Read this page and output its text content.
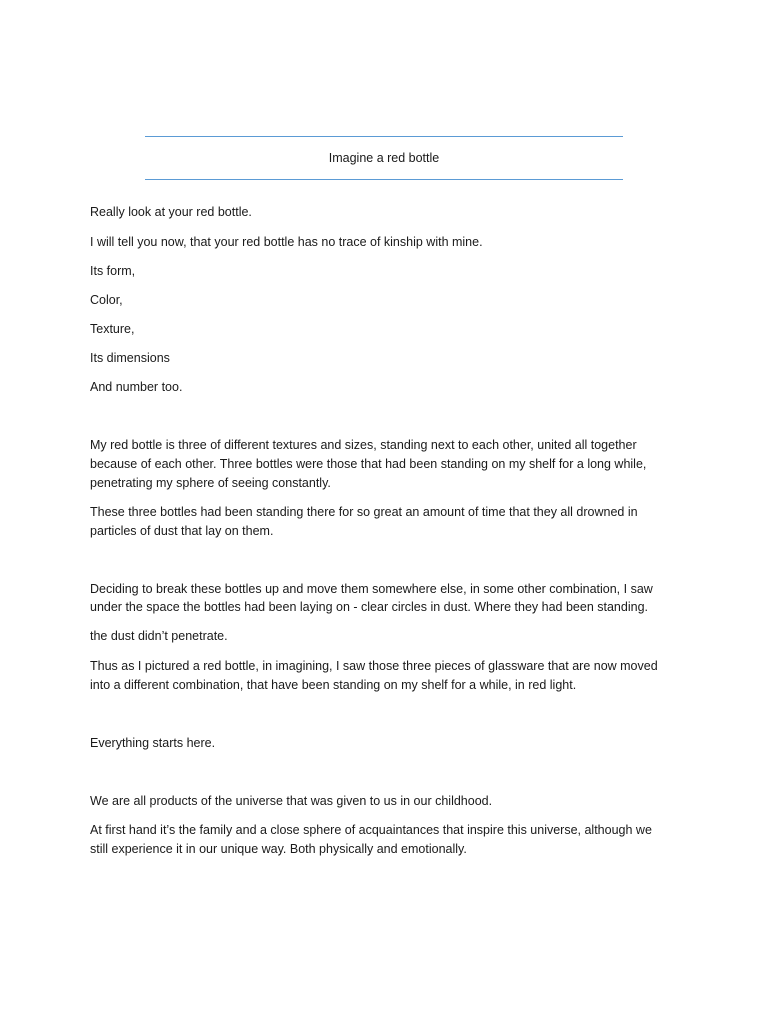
Imagine a red bottle

Really look at your red bottle.

I will tell you now, that your red bottle has no trace of kinship with mine.

Its form,

Color,

Texture,

Its dimensions

And number too.

My red bottle is three of different textures and sizes, standing next to each other, united all together

because of each other. Three bottles were those that had been standing on my shelf for a long while,

penetrating my sphere of seeing constantly.

These three bottles had been standing there for so great an amount of time that they all drowned in

particles of dust that lay on them.

Deciding to break these bottles up and move them somewhere else, in some other combination, I saw

under the space the bottles had been laying on - clear circles in dust. Where they had been standing.

the dust didn’t penetrate.

Thus as I pictured a red bottle, in imagining, I saw those three pieces of glassware that are now moved

into a different combination, that have been standing on my shelf for a while, in red light.

Everything starts here.

We are all products of the universe that was given to us in our childhood.

At first hand it’s the family and a close sphere of acquaintances that inspire this universe, although we

still experience it in our unique way. Both physically and emotionally.
